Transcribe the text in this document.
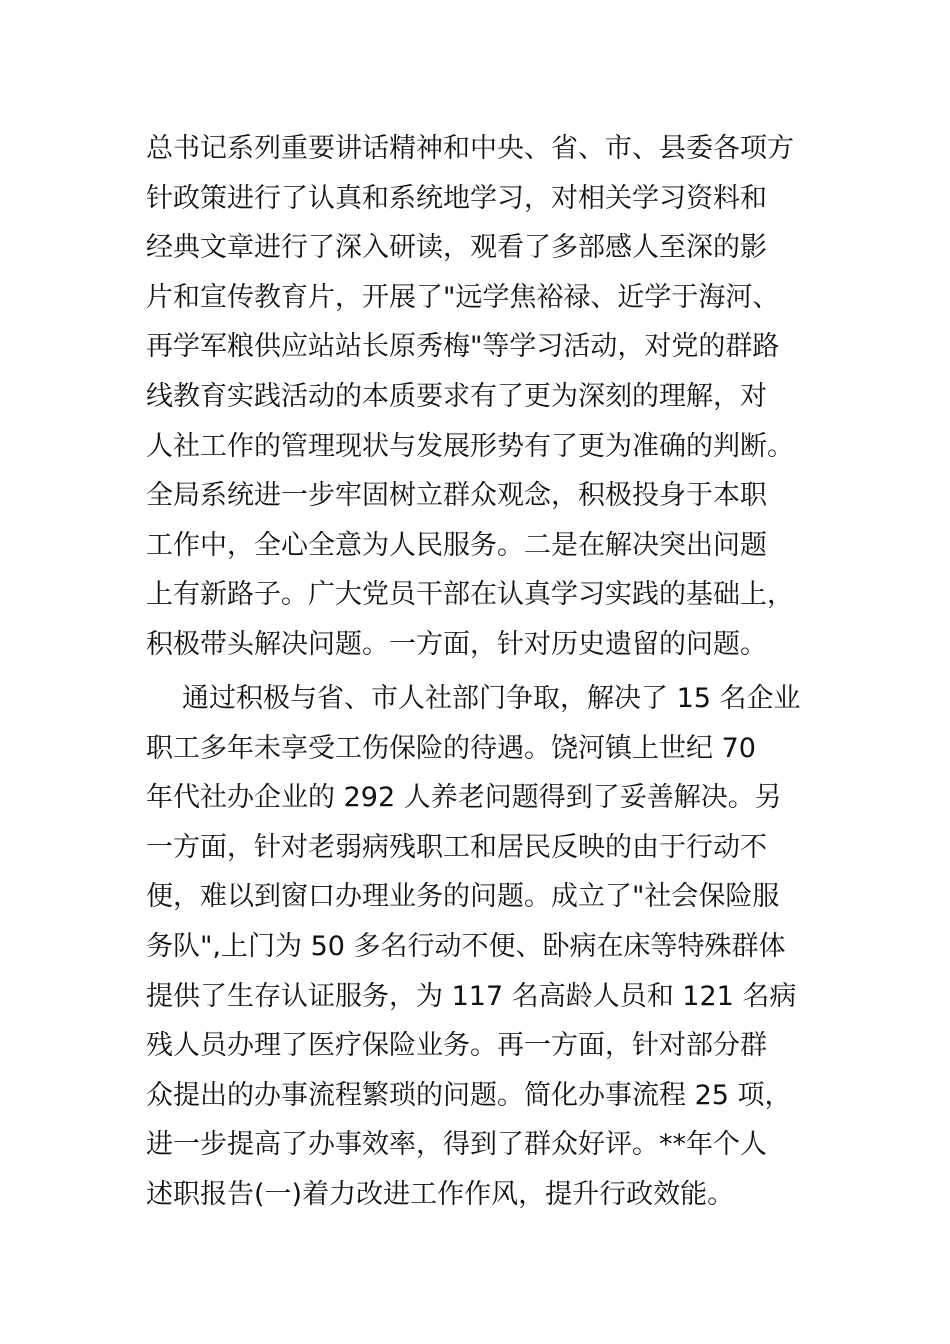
总书记系列重要讲话精神和中央、省、市、县委各项方
针政策进行了认真和系统地学习，对相关学习资料和
经典文章进行了深入研读，观看了多部感人至深的影
片和宣传教育片，开展了"远学焦裕禄、近学于海河、
再学军粮供应站站长原秀梅"等学习活动，对党的群路
线教育实践活动的本质要求有了更为深刻的理解，对
人社工作的管理现状与发展形势有了更为准确的判断。
全局系统进一步牢固树立群众观念，积极投身于本职
工作中，全心全意为人民服务。二是在解决突出问题
上有新路子。广大党员干部在认真学习实践的基础上，
积极带头解决问题。一方面，针对历史遗留的问题。
通过积极与省、市人社部门争取，解决了 15 名企业
职工多年未享受工伤保险的待遇。饶河镇上世纪 70
年代社办企业的 292 人养老问题得到了妥善解决。另
一方面，针对老弱病残职工和居民反映的由于行动不
便，难以到窗口办理业务的问题。成立了"社会保险服
务队",上门为 50 多名行动不便、卧病在床等特殊群体
提供了生存认证服务，为 117 名高龄人员和 121 名病
残人员办理了医疗保险业务。再一方面，针对部分群
众提出的办事流程繁琐的问题。简化办事流程 25 项，
进一步提高了办事效率，得到了群众好评。**年个人
述职报告(一)着力改进工作作风，提升行政效能。
